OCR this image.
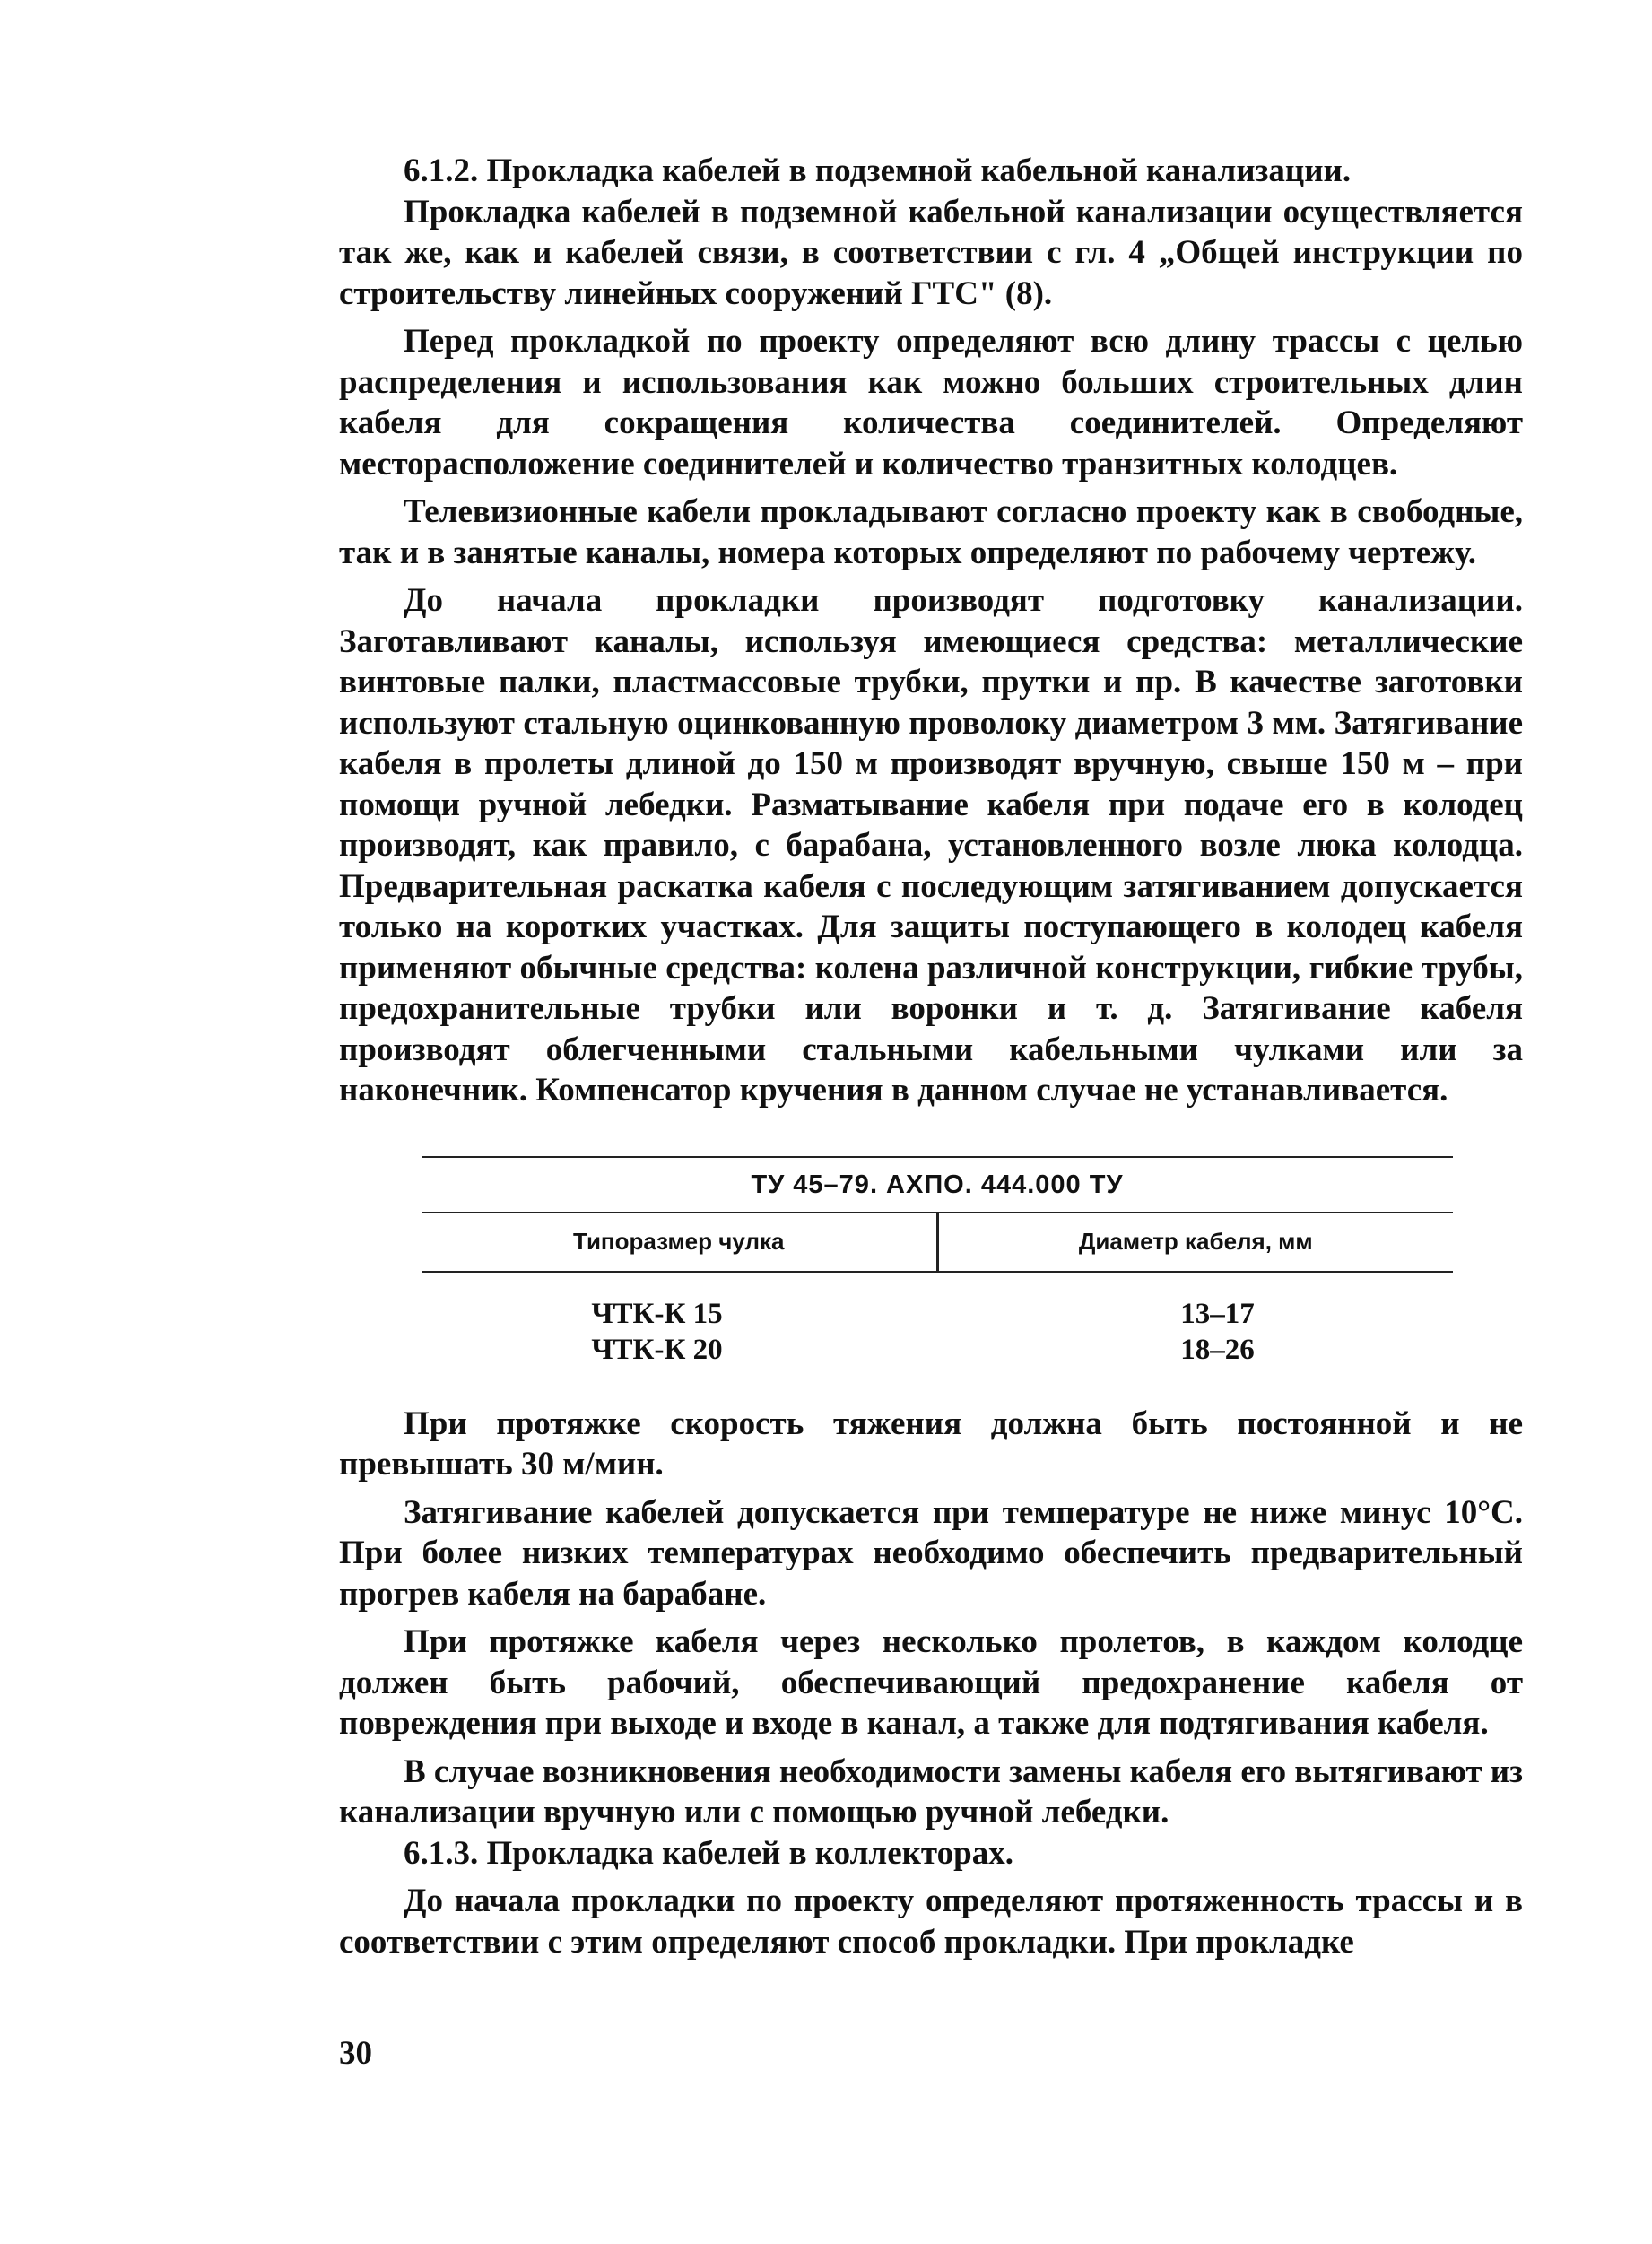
6.1.2. Прокладка кабелей в подземной кабельной канализации.

Прокладка кабелей в подземной кабельной канализации осуществляется так же, как и кабелей связи, в соответствии с гл. 4 „Общей инструкции по строительству линейных сооружений ГТС" (8).

Перед прокладкой по проекту определяют всю длину трассы с целью распределения и использования как можно больших строительных длин кабеля для сокращения количества соединителей. Определяют месторасположение соединителей и количество транзитных колодцев.

Телевизионные кабели прокладывают согласно проекту как в свободные, так и в занятые каналы, номера которых определяют по рабочему чертежу.

До начала прокладки производят подготовку канализации. Заготавливают каналы, используя имеющиеся средства: металлические винтовые палки, пластмассовые трубки, прутки и пр. В качестве заготовки используют стальную оцинкованную проволоку диаметром 3 мм. Затягивание кабеля в пролеты длиной до 150 м производят вручную, свыше 150 м – при помощи ручной лебедки. Разматывание кабеля при подаче его в колодец производят, как правило, с барабана, установленного возле люка колодца. Предварительная раскатка кабеля с последующим затягиванием допускается только на коротких участках. Для защиты поступающего в колодец кабеля применяют обычные средства: колена различной конструкции, гибкие трубы, предохранительные трубки или воронки и т. д. Затягивание кабеля производят облегченными стальными кабельными чулками или за наконечник. Компенсатор кручения в данном случае не устанавливается.

ТУ 45–79. АХПО. 444.000 ТУ
Типоразмер чулка	Диаметр кабеля, мм
ЧТК-К 15	13–17
ЧТК-К 20	18–26

При протяжке скорость тяжения должна быть постоянной и не превышать 30 м/мин.

Затягивание кабелей допускается при температуре не ниже минус 10°С. При более низких температурах необходимо обеспечить предварительный прогрев кабеля на барабане.

При протяжке кабеля через несколько пролетов, в каждом колодце должен быть рабочий, обеспечивающий предохранение кабеля от повреждения при выходе и входе в канал, а также для подтягивания кабеля.

В случае возникновения необходимости замены кабеля его вытягивают из канализации вручную или с помощью ручной лебедки.

6.1.3. Прокладка кабелей в коллекторах.

До начала прокладки по проекту определяют протяженность трассы и в соответствии с этим определяют способ прокладки. При прокладке

30
